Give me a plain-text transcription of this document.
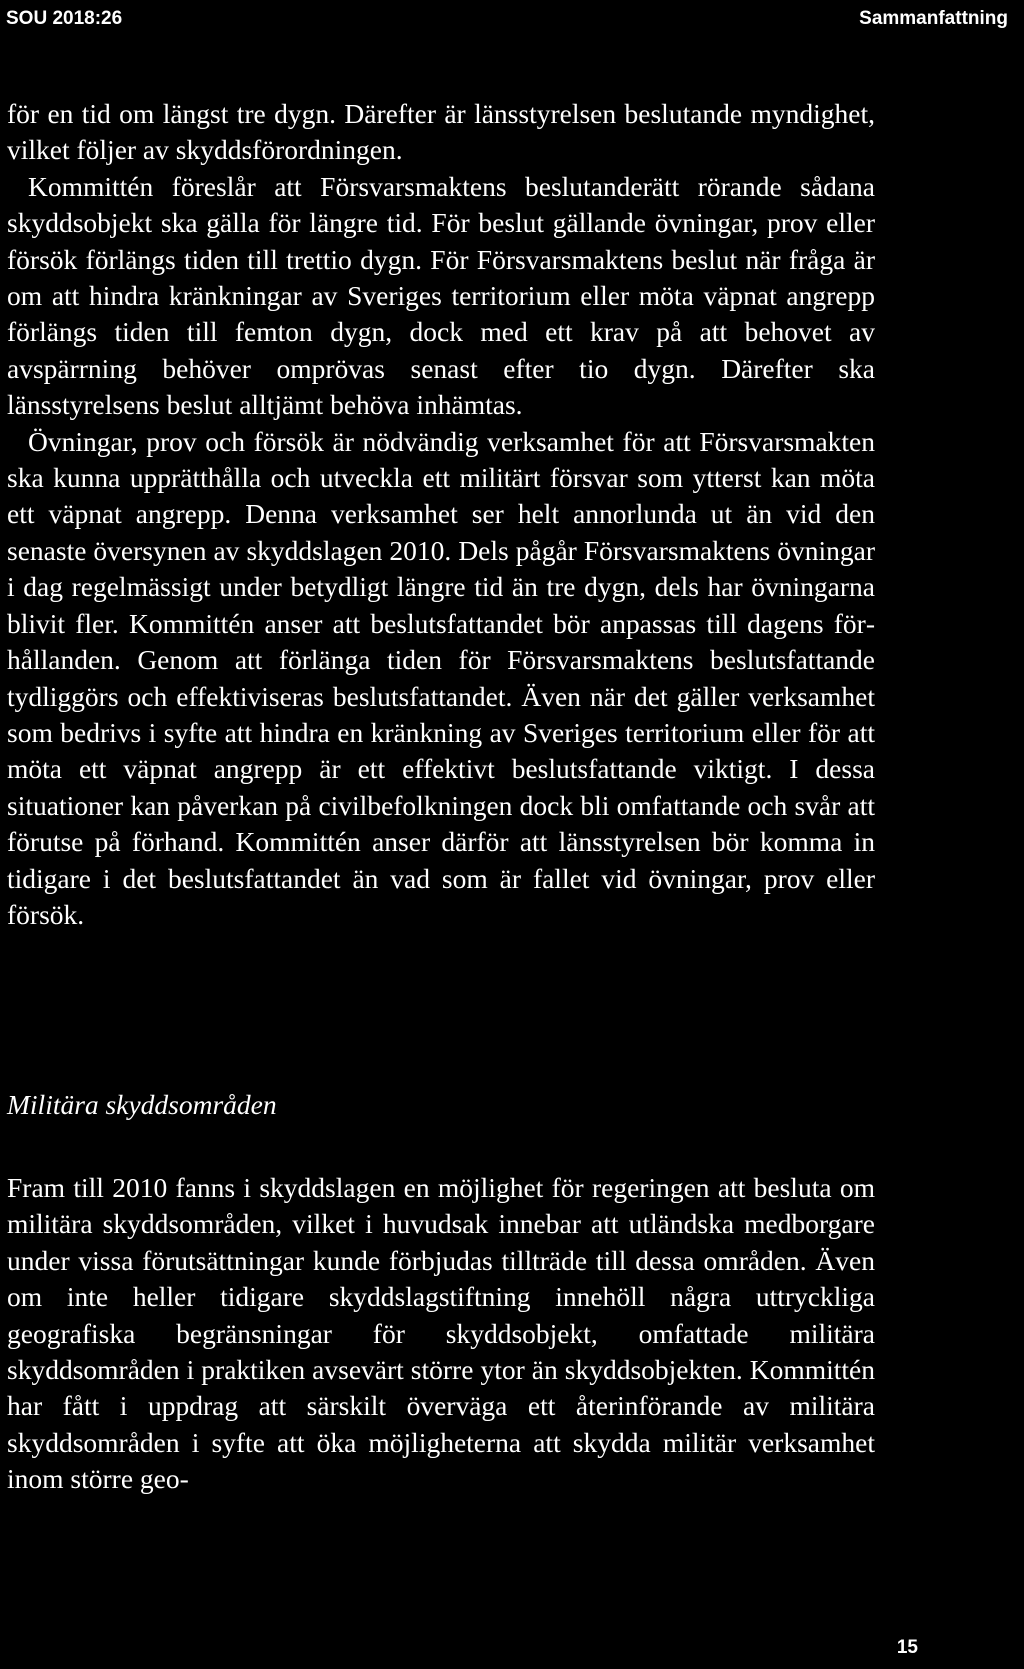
SOU 2018:26	Sammanfattning

för en tid om längst tre dygn. Därefter är länsstyrelsen beslutande myndighet, vilket följer av skyddsförordningen.

Kommittén föreslår att Försvarsmaktens beslutanderätt rörande sådana skyddsobjekt ska gälla för längre tid. För beslut gällande övningar, prov eller försök förlängs tiden till trettio dygn. För Försvarsmaktens beslut när fråga är om att hindra kränkningar av Sveriges territorium eller möta väpnat angrepp förlängs tiden till femton dygn, dock med ett krav på att behovet av avspärrning behöver omprövas senast efter tio dygn. Därefter ska länsstyrelsens beslut alltjämt behöva inhämtas.

Övningar, prov och försök är nödvändig verksamhet för att Försvarsmakten ska kunna upprätthålla och utveckla ett militärt försvar som ytterst kan möta ett väpnat angrepp. Denna verksamhet ser helt annorlunda ut än vid den senaste översynen av skyddslagen 2010. Dels pågår Försvarsmaktens övningar i dag regelmässigt under betydligt längre tid än tre dygn, dels har övningarna blivit fler. Kommittén anser att beslutsfattandet bör anpassas till dagens förhållanden. Genom att förlänga tiden för Försvarsmaktens beslutsfattande tydliggörs och effektiviseras beslutsfattandet. Även när det gäller verksamhet som bedrivs i syfte att hindra en kränkning av Sveriges territorium eller för att möta ett väpnat angrepp är ett effektivt beslutsfattande viktigt. I dessa situationer kan påverkan på civilbefolkningen dock bli omfattande och svår att förutse på förhand. Kommittén anser därför att länsstyrelsen bör komma in tidigare i det beslutsfattandet än vad som är fallet vid övningar, prov eller försök.

Militära skyddsområden

Fram till 2010 fanns i skyddslagen en möjlighet för regeringen att besluta om militära skyddsområden, vilket i huvudsak innebar att utländska medborgare under vissa förutsättningar kunde förbjudas tillträde till dessa områden. Även om inte heller tidigare skyddslagstiftning innehöll några uttryckliga geografiska begränsningar för skyddsobjekt, omfattade militära skyddsområden i praktiken avsevärt större ytor än skyddsobjekten. Kommittén har fått i uppdrag att särskilt överväga ett återinförande av militära skyddsområden i syfte att öka möjligheterna att skydda militär verksamhet inom större geo-

15
